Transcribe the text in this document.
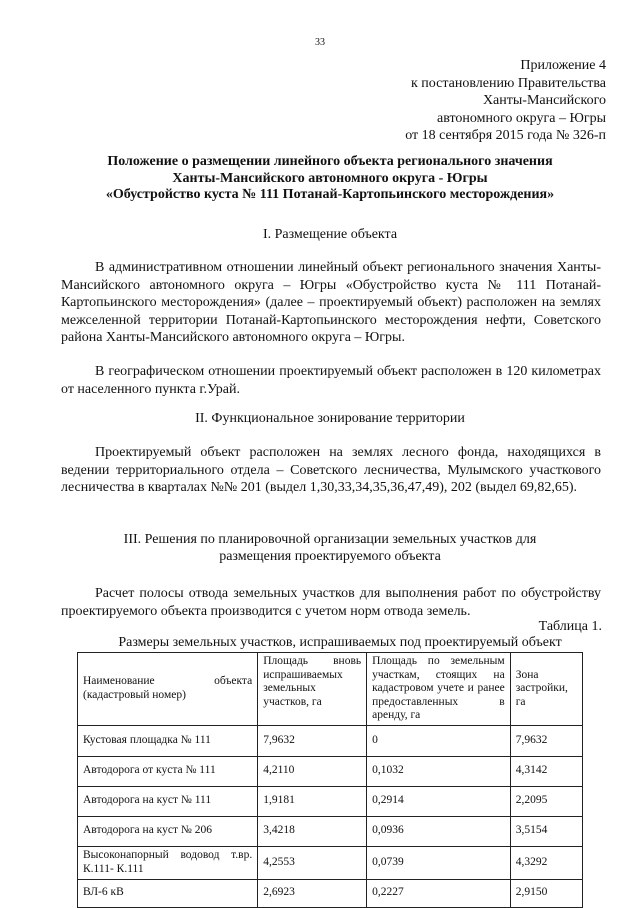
33
Приложение 4
к постановлению Правительства
Ханты-Мансийского
автономного округа – Югры
от 18 сентября 2015 года № 326-п
Положение о размещении линейного объекта регионального значения
Ханты-Мансийского автономного округа - Югры
«Обустройство куста № 111 Потанай-Картопьинского месторождения»
I. Размещение объекта
В административном отношении линейный объект регионального значения Ханты-Мансийского автономного округа – Югры «Обустройство куста № 111 Потанай-Картопьинского месторождения» (далее – проектируемый объект) расположен на землях межселенной территории Потанай-Картопьинского месторождения нефти, Советского района Ханты-Мансийского автономного округа – Югры.
В географическом отношении проектируемый объект расположен в 120 километрах от населенного пункта г.Урай.
II. Функциональное зонирование территории
Проектируемый объект расположен на землях лесного фонда, находящихся в ведении территориального отдела – Советского лесничества, Мулымского участкового лесничества в кварталах №№ 201 (выдел 1,30,33,34,35,36,47,49), 202 (выдел 69,82,65).
III. Решения по планировочной организации земельных участков для
размещения проектируемого объекта
Расчет полосы отвода земельных участков для выполнения работ по обустройству проектируемого объекта производится с учетом норм отвода земель.
Таблица 1.
Размеры земельных участков, испрашиваемых под проектируемый объект
Наименование объекта (кадастровый номер)	Площадь вновь испрашиваемых земельных участков, га	Площадь по земельным участкам, стоящих на кадастровом учете и ранее предоставленных в аренду, га	Зона застройки, га

Кустовая площадка № 111	7,9632	0	7,9632
Автодорога от куста № 111	4,2110	0,1032	4,3142
Автодорога на куст № 111	1,9181	0,2914	2,2095
Автодорога на куст № 206	3,4218	0,0936	3,5154
Высоконапорный водовод т.вр. К.111- К.111	4,2553	0,0739	4,3292
ВЛ-6 кВ	2,6923	0,2227	2,9150
